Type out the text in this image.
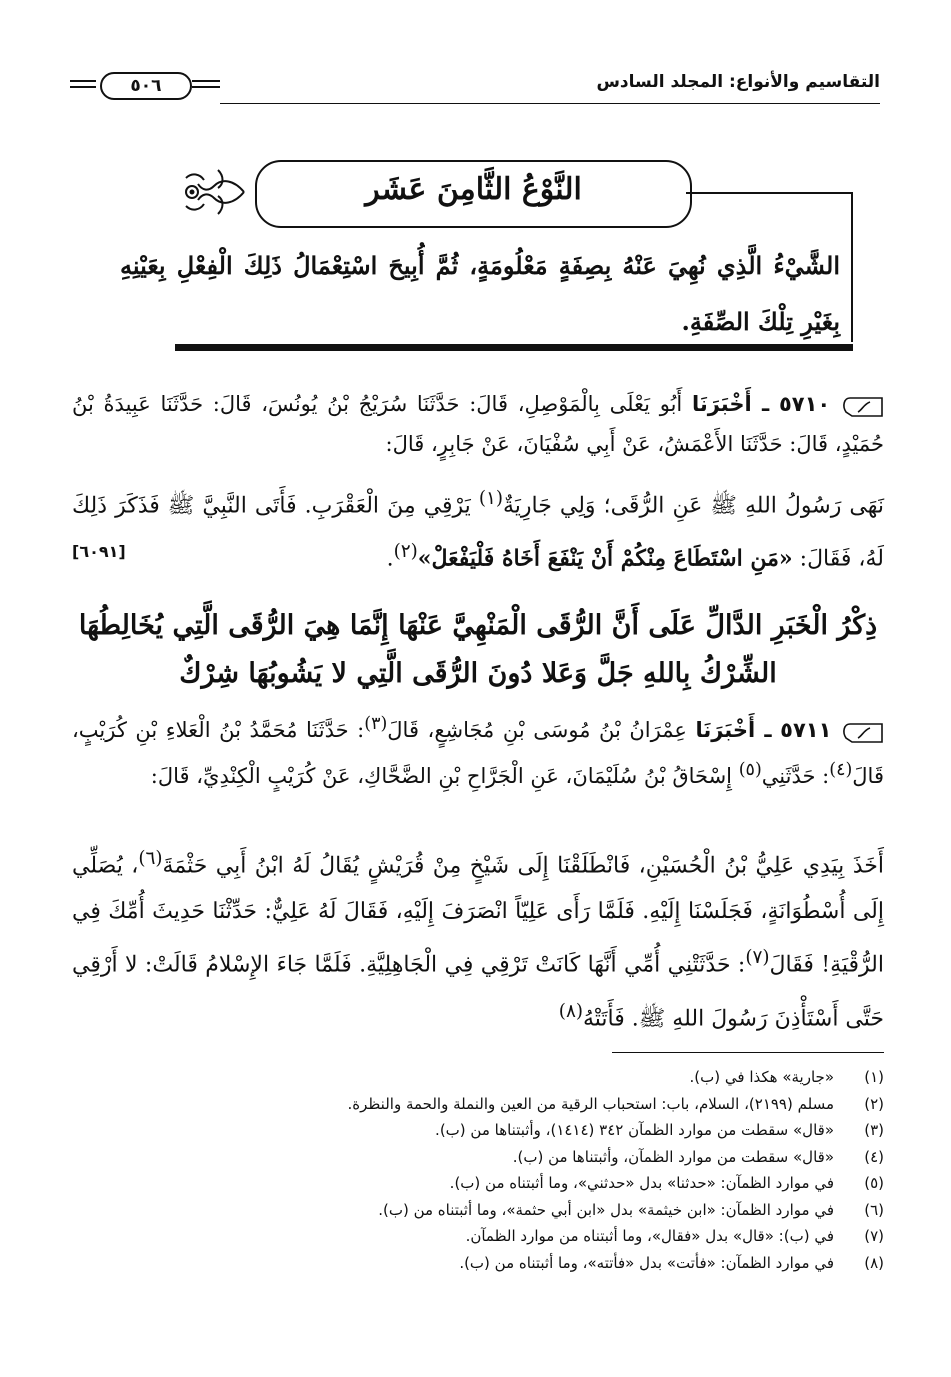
٥٠٦	التقاسيم والأنواع: المجلد السادس
النَّوْعُ الثَّامِنَ عَشَر
الشَّيْءُ الَّذِي نُهِيَ عَنْهُ بِصِفَةٍ مَعْلُومَةٍ، ثُمَّ أُبِيحَ اسْتِعْمَالُ ذَلِكَ الْفِعْلِ بِعَيْنِهِ بِغَيْرِ تِلْكَ الصِّفَةِ.
٥٧١٠ ـ أَخْبَرَنَا أَبُو يَعْلَى بِالْمَوْصِلِ، قَالَ: حَدَّثَنَا سُرَيْجُ بْنُ يُونُسَ، قَالَ: حَدَّثَنَا عَبِيدَةُ بْنُ حُمَيْدٍ، قَالَ: حَدَّثَنَا الأَعْمَشُ، عَنْ أَبِي سُفْيَانَ، عَنْ جَابِرٍ، قَالَ:
نَهَى رَسُولُ اللهِ ﷺ عَنِ الرُّقَى؛ وَلِي جَارِيَةٌ$^{(١)}$ يَرْقِي مِنَ الْعَقْرَبِ. فَأَتَى النَّبِيَّ ﷺ فَذَكَرَ ذَلِكَ لَهُ، فَقَالَ: «مَنِ اسْتَطَاعَ مِنْكُمْ أَنْ يَنْفَعَ أَخَاهُ فَلْيَفْعَلْ»$^{(٢)}$.
[٦٠٩١]
ذِكْرُ الْخَبَرِ الدَّالِّ عَلَى أَنَّ الرُّقَى الْمَنْهِيَّ عَنْهَا إِنَّمَا هِيَ الرُّقَى الَّتِي يُخَالِطُهَا الشِّرْكُ بِاللهِ جَلَّ وَعَلا دُونَ الرُّقَى الَّتِي لا يَشُوبُهَا شِرْكٌ
٥٧١١ ـ أَخْبَرَنَا عِمْرَانُ بْنُ مُوسَى بْنِ مُجَاشِعٍ، قَالَ$^{(٣)}$: حَدَّثَنَا مُحَمَّدُ بْنُ الْعَلاءِ بْنِ كُرَيْبٍ، قَالَ$^{(٤)}$: حَدَّثَنِي$^{(٥)}$ إِسْحَاقُ بْنُ سُلَيْمَانَ، عَنِ الْجَرَّاحِ بْنِ الضَّحَّاكِ، عَنْ كُرَيْبٍ الْكِنْدِيِّ، قَالَ:
أَخَذَ بِيَدِي عَلِيُّ بْنُ الْحُسَيْنِ، فَانْطَلَقْنَا إِلَى شَيْخٍ مِنْ قُرَيْشٍ يُقَالُ لَهُ ابْنُ أَبِي حَثْمَةَ$^{(٦)}$، يُصَلِّي إِلَى أُسْطُوَانَةٍ، فَجَلَسْنَا إِلَيْهِ. فَلَمَّا رَأَى عَلِيّاً انْصَرَفَ إِلَيْهِ، فَقَالَ لَهُ عَلِيٌّ: حَدِّثْنَا حَدِيثَ أُمِّكَ فِي الرُّقْيَةِ! فَقَالَ$^{(٧)}$: حَدَّثَتْنِي أُمِّي أَنَّهَا كَانَتْ تَرْقِي فِي الْجَاهِلِيَّةِ. فَلَمَّا جَاءَ الإِسْلامُ قَالَتْ: لا أَرْقِي حَتَّى أَسْتَأْذِنَ رَسُولَ اللهِ ﷺ. فَأَتَتْهُ$^{(٨)}$
(١)
«جارية» هكذا في (ب).
(٢)
مسلم (٢١٩٩)، السلام، باب: استحباب الرقية من العين والنملة والحمة والنظرة.
(٣)
«قال» سقطت من موارد الظمآن ٣٤٢ (١٤١٤)، وأثبتناها من (ب).
(٤)
«قال» سقطت من موارد الظمآن، وأثبتناها من (ب).
(٥)
في موارد الظمآن: «حدثنا» بدل «حدثني»، وما أثبتناه من (ب).
(٦)
في موارد الظمآن: «ابن خيثمة» بدل «ابن أبي حثمة»، وما أثبتناه من (ب).
(٧)
في (ب): «قال» بدل «فقال»، وما أثبتناه من موارد الظمآن.
(٨)
في موارد الظمآن: «فأتت» بدل «فأتته»، وما أثبتناه من (ب).
